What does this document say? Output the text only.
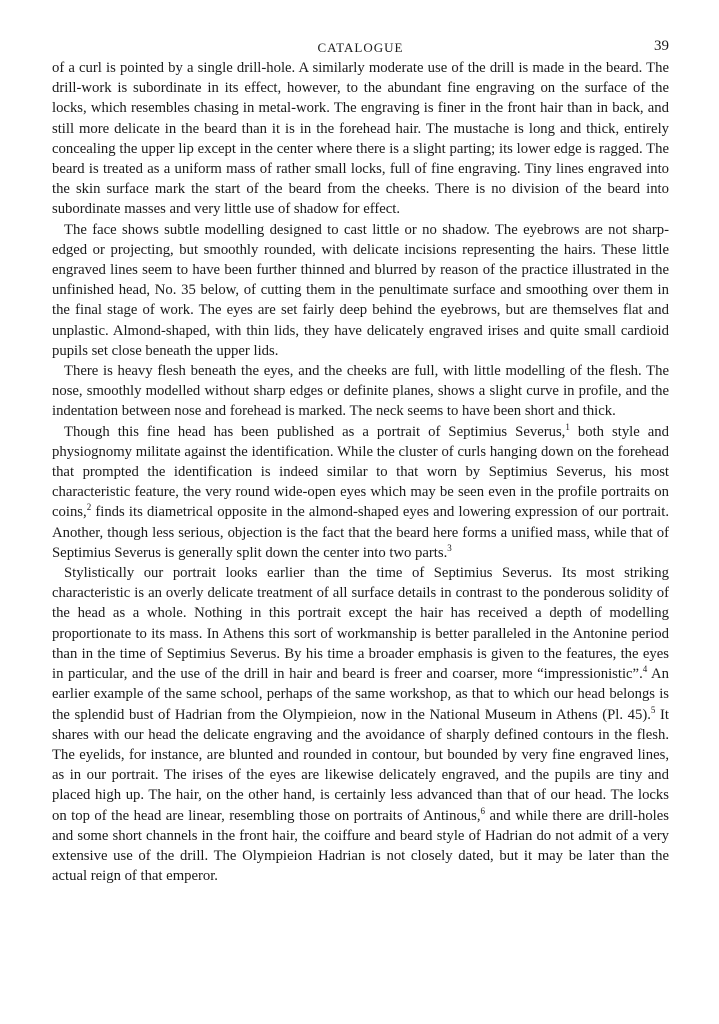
CATALOGUE	39

of a curl is pointed by a single drill-hole. A similarly moderate use of the drill is made in the beard. The drill-work is subordinate in its effect, however, to the abundant fine engraving on the surface of the locks, which resembles chasing in metal-work. The engraving is finer in the front hair than in back, and still more delicate in the beard than it is in the forehead hair. The mustache is long and thick, entirely concealing the upper lip except in the center where there is a slight parting; its lower edge is ragged. The beard is treated as a uniform mass of rather small locks, full of fine engraving. Tiny lines engraved into the skin surface mark the start of the beard from the cheeks. There is no division of the beard into subordinate masses and very little use of shadow for effect.

The face shows subtle modelling designed to cast little or no shadow. The eyebrows are not sharp-edged or projecting, but smoothly rounded, with delicate incisions representing the hairs. These little engraved lines seem to have been further thinned and blurred by reason of the practice illustrated in the unfinished head, No. 35 below, of cutting them in the penultimate surface and smoothing over them in the final stage of work. The eyes are set fairly deep behind the eyebrows, but are themselves flat and unplastic. Almond-shaped, with thin lids, they have delicately engraved irises and quite small cardioid pupils set close beneath the upper lids.

There is heavy flesh beneath the eyes, and the cheeks are full, with little modelling of the flesh. The nose, smoothly modelled without sharp edges or definite planes, shows a slight curve in profile, and the indentation between nose and forehead is marked. The neck seems to have been short and thick.

Though this fine head has been published as a portrait of Septimius Severus,$^1$ both style and physiognomy militate against the identification. While the cluster of curls hanging down on the forehead that prompted the identification is indeed similar to that worn by Septimius Severus, his most characteristic feature, the very round wide-open eyes which may be seen even in the profile portraits on coins,$^2$ finds its diametrical opposite in the almond-shaped eyes and lowering expression of our portrait. Another, though less serious, objection is the fact that the beard here forms a unified mass, while that of Septimius Severus is generally split down the center into two parts.$^3$

Stylistically our portrait looks earlier than the time of Septimius Severus. Its most striking characteristic is an overly delicate treatment of all surface details in contrast to the ponderous solidity of the head as a whole. Nothing in this portrait except the hair has received a depth of modelling proportionate to its mass. In Athens this sort of workmanship is better paralleled in the Antonine period than in the time of Septimius Severus. By his time a broader emphasis is given to the features, the eyes in particular, and the use of the drill in hair and beard is freer and coarser, more “impressionistic”.$^4$ An earlier example of the same school, perhaps of the same workshop, as that to which our head belongs is the splendid bust of Hadrian from the Olympieion, now in the National Museum in Athens (Pl. 45).$^5$ It shares with our head the delicate engraving and the avoidance of sharply defined contours in the flesh. The eyelids, for instance, are blunted and rounded in contour, but bounded by very fine engraved lines, as in our portrait. The irises of the eyes are likewise delicately engraved, and the pupils are tiny and placed high up. The hair, on the other hand, is certainly less advanced than that of our head. The locks on top of the head are linear, resembling those on portraits of Antinous,$^6$ and while there are drill-holes and some short channels in the front hair, the coiffure and beard style of Hadrian do not admit of a very extensive use of the drill. The Olympieion Hadrian is not closely dated, but it may be later than the actual reign of that emperor.
